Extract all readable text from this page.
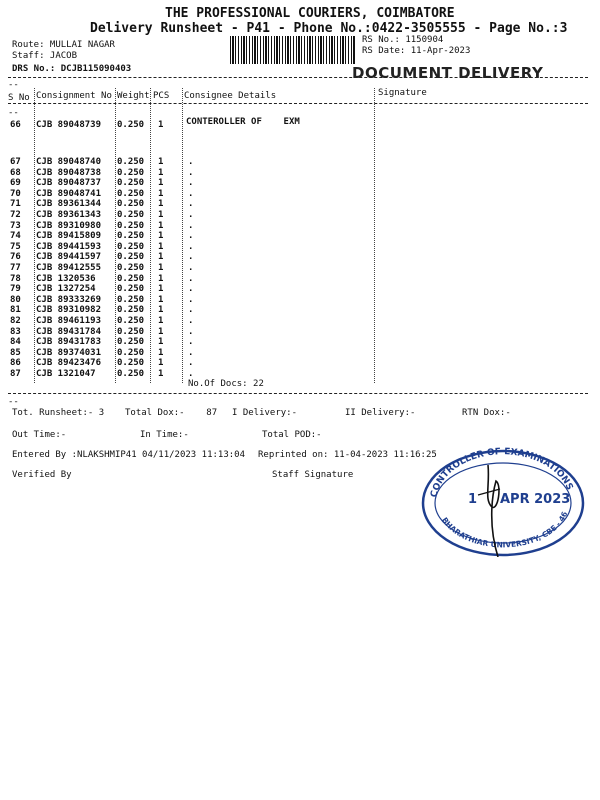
THE PROFESSIONAL COURIERS, COIMBATORE
Delivery Runsheet - P41 - Phone No.:0422-3505555 - Page No.:3
Route: MULLAI NAGAR
Staff: JACOB
DRS No.: DCJB115090403
RS No.: 1150904
RS Date: 11-Apr-2023
DOCUMENT DELIVERY
--
S No Consignment No Weight PCS Consignee Details	Signature
--
66 CJB 89048739 0.250 1	CONTEROLLER OF    EXM
67 CJB 89048740 0.250 1	.
68 CJB 89048738 0.250 1	.
69 CJB 89048737 0.250 1	.
70 CJB 89048741 0.250 1	.
71 CJB 89361344 0.250 1	.
72 CJB 89361343 0.250 1	.
73 CJB 89310980 0.250 1	.
74 CJB 89415809 0.250 1	.
75 CJB 89441593 0.250 1	.
76 CJB 89441597 0.250 1	.
77 CJB 89412555 0.250 1	.
78 CJB 1320536 0.250 1	.
79 CJB 1327254 0.250 1	.
80 CJB 89333269 0.250 1	.
81 CJB 89310982 0.250 1	.
82 CJB 89461193 0.250 1	.
83 CJB 89431784 0.250 1	.
84 CJB 89431783 0.250 1	.
85 CJB 89374031 0.250 1	.
86 CJB 89423476 0.250 1	.
87 CJB 1321047 0.250 1	.
No.Of Docs: 22
--
Tot. Runsheet:- 3 Total Dox:-    87 I Delivery:-	II Delivery:-	RTN Dox:-
Out Time:-	In Time:-	Total POD:-
Entered By :NLAKSHMIP41 04/11/2023 11:13:04 Reprinted on: 11-04-2023 11:16:25
Verified By	Staff Signature
CONTROLLER OF EXAMINATIONS
BHARATHIAR UNIVERSITY, CBE - 46
1 APR 2023
